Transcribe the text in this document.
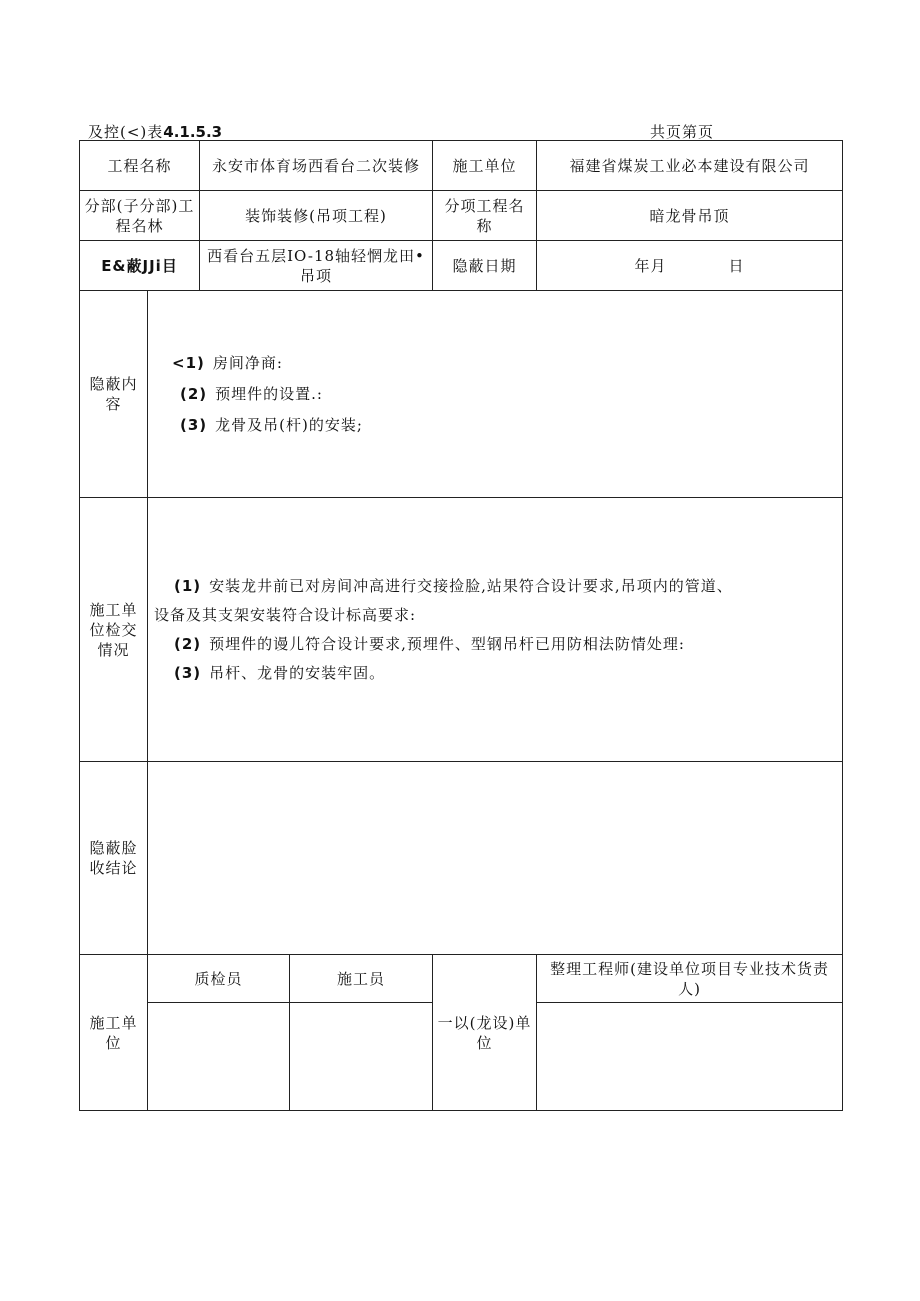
及控(<)表4.1.5.3	共页第页
工程名称		永安市体育场西看台二次装修		施工单位	福建省煤炭工业必本建设有限公司
分部(子分部)工程名林		装饰装修(吊项工程)		分项工程名称	暗龙骨吊顶
E&蔽JJi目		西看台五层IO-18轴轻惘龙田•吊项		隐蔽日期	年月 日
隐蔽内容	<1) 房间净商:

(2) 预埋件的设置.:

(3) 龙骨及吊(杆)的安装;				

施工单位检交情况	(1) 安装龙井前已对房间冲高进行交接捡脸,站果符合设计要求,吊项内的管道、

设备及其支架安装符合设计标高要求:

(2) 预埋件的谩儿符合设计要求,预埋件、型钢吊杆已用防相法防情处理:

(3) 吊杆、龙骨的安装牢固。				

隐蔽脸收结论					
施工单位	质检员		施工员	一以(龙设)单位	整理工程师(建设单位项目专业技术货责人)
